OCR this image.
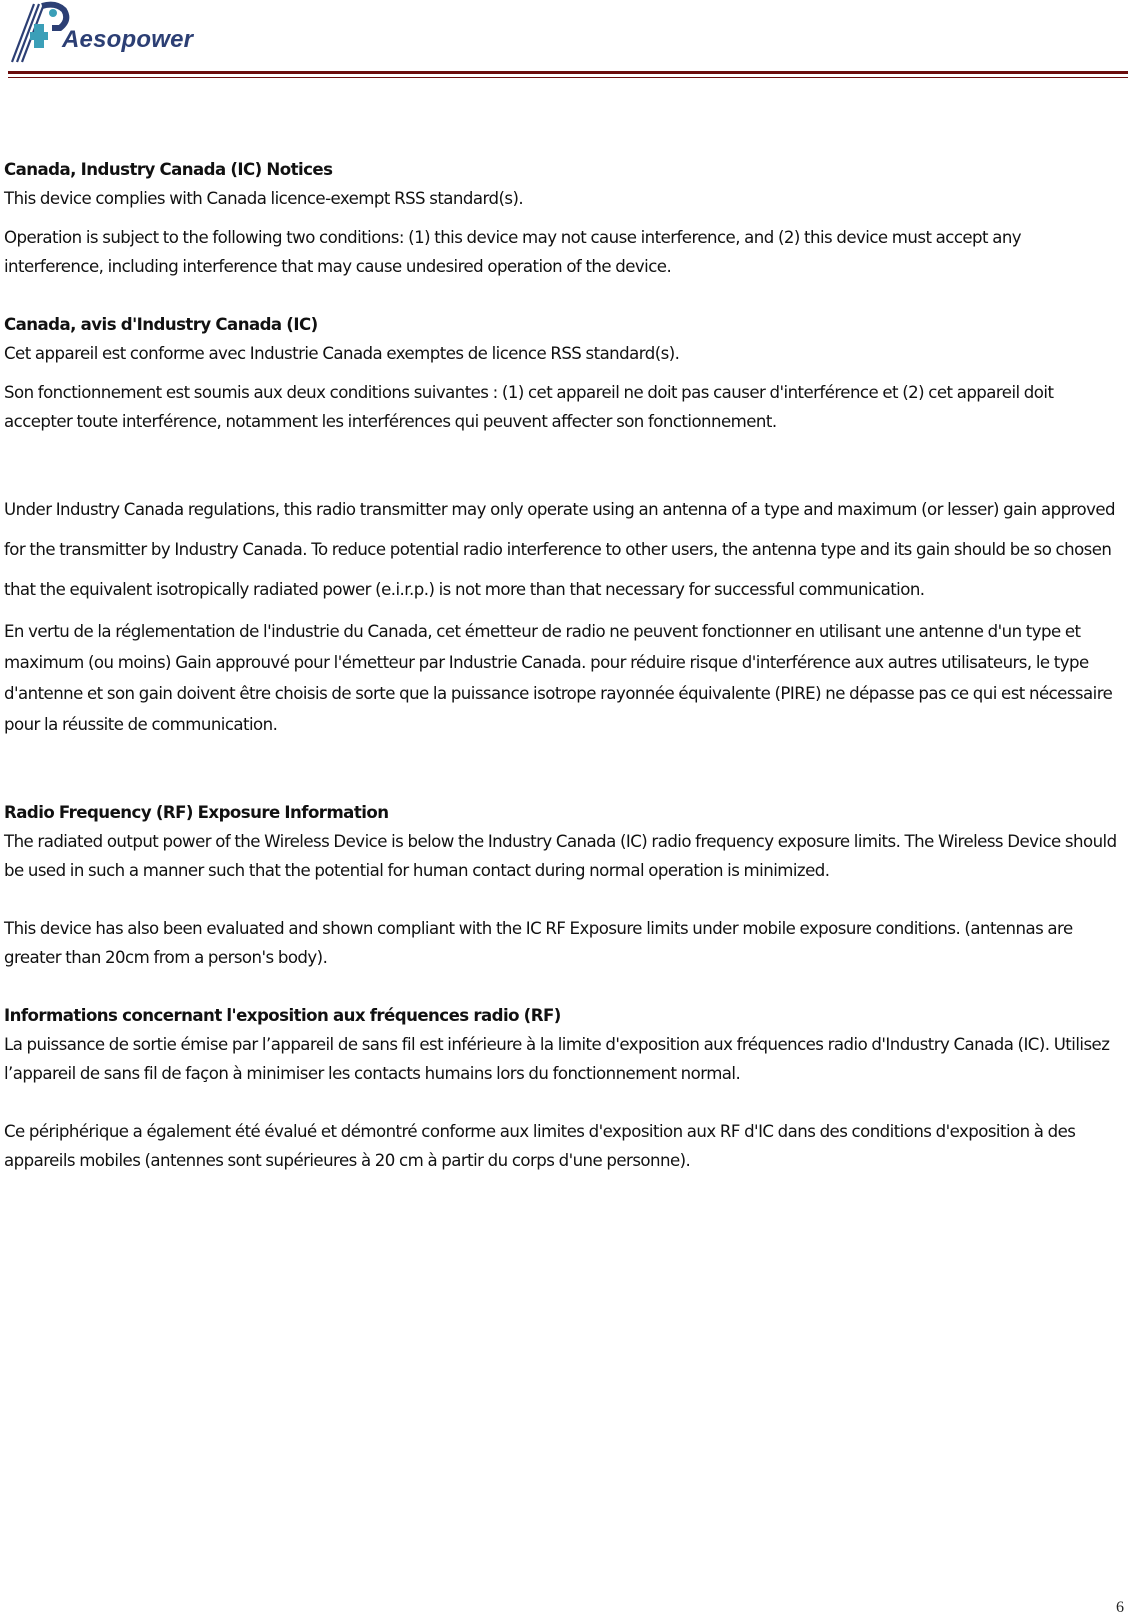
Aesopower
Canada, Industry Canada (IC) Notices

This device complies with Canada licence-exempt RSS standard(s).

Operation is subject to the following two conditions: (1) this device may not cause interference, and (2) this device must accept any interference, including interference that may cause undesired operation of the device.

Canada, avis d'Industry Canada (IC)

Cet appareil est conforme avec Industrie Canada exemptes de licence RSS standard(s).

Son fonctionnement est soumis aux deux conditions suivantes : (1) cet appareil ne doit pas causer d'interférence et (2) cet appareil doit accepter toute interférence, notamment les interférences qui peuvent affecter son fonctionnement.

Under Industry Canada regulations, this radio transmitter may only operate using an antenna of a type and maximum (or lesser) gain approved for the transmitter by Industry Canada. To reduce potential radio interference to other users, the antenna type and its gain should be so chosen that the equivalent isotropically radiated power (e.i.r.p.) is not more than that necessary for successful communication.

En vertu de la réglementation de l'industrie du Canada, cet émetteur de radio ne peuvent fonctionner en utilisant une antenne d'un type et maximum (ou moins) Gain approuvé pour l'émetteur par Industrie Canada. pour réduire risque d'interférence aux autres utilisateurs, le type d'antenne et son gain doivent être choisis de sorte que la puissance isotrope rayonnée équivalente (PIRE) ne dépasse pas ce qui est nécessaire pour la réussite de communication.

Radio Frequency (RF) Exposure Information

The radiated output power of the Wireless Device is below the Industry Canada (IC) radio frequency exposure limits. The Wireless Device should be used in such a manner such that the potential for human contact during normal operation is minimized.

This device has also been evaluated and shown compliant with the IC RF Exposure limits under mobile exposure conditions. (antennas are greater than 20cm from a person's body).

Informations concernant l'exposition aux fréquences radio (RF)

La puissance de sortie émise par l’appareil de sans fil est inférieure à la limite d'exposition aux fréquences radio d'Industry Canada (IC). Utilisez l’appareil de sans fil de façon à minimiser les contacts humains lors du fonctionnement normal.

Ce périphérique a également été évalué et démontré conforme aux limites d'exposition aux RF d'IC dans des conditions d'exposition à des appareils mobiles (antennes sont supérieures à 20 cm à partir du corps d'une personne).

6
